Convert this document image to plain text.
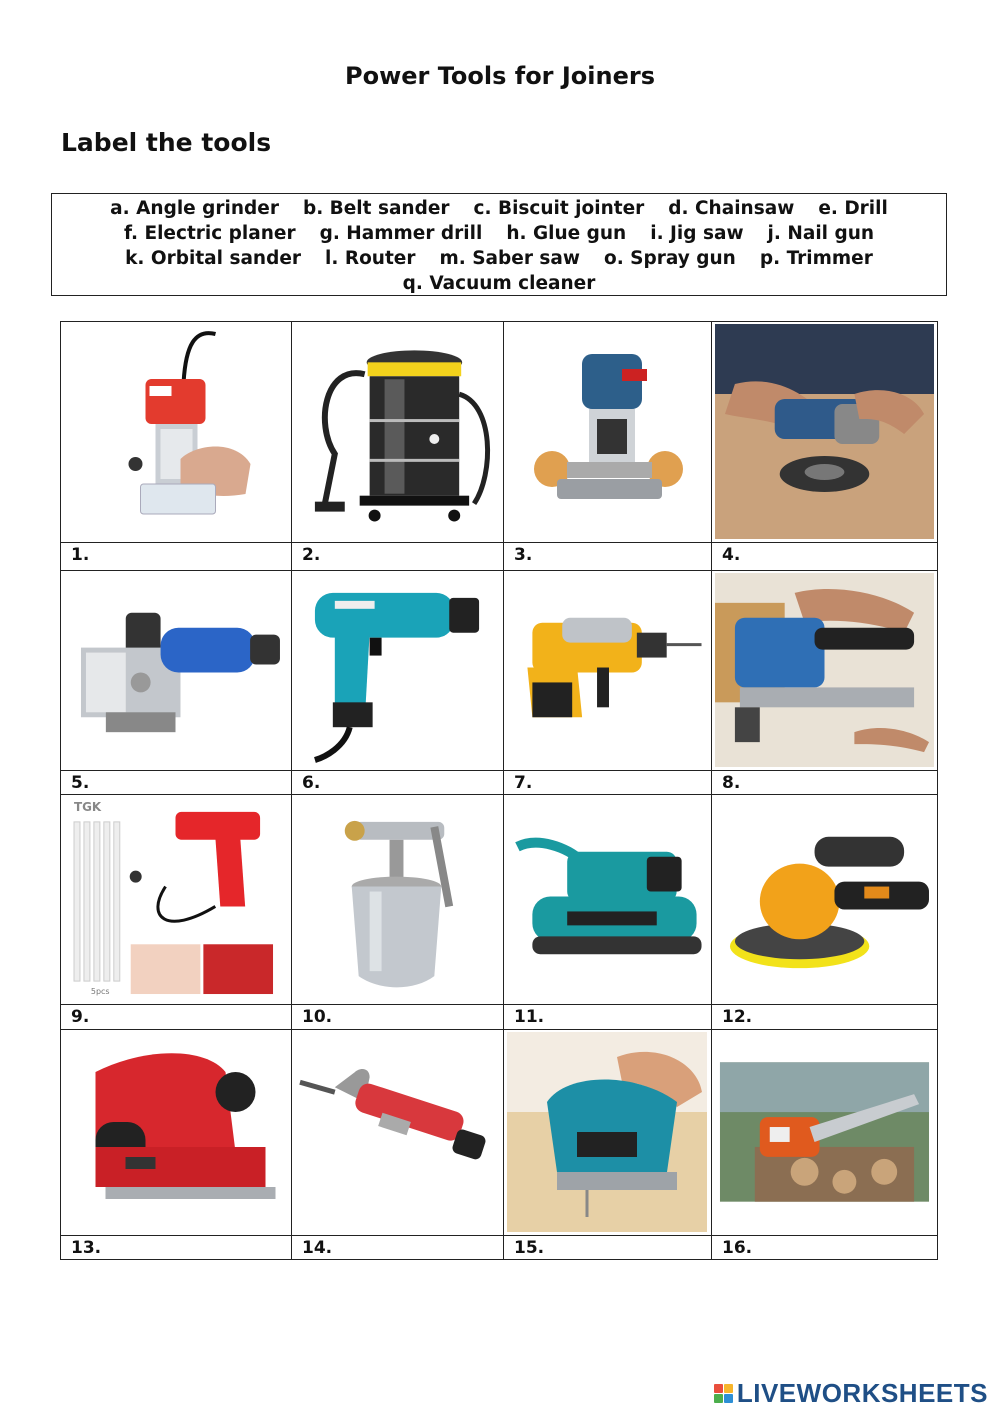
Power Tools for Joiners
Label the tools
a. Angle grinder b. Belt sander c. Biscuit jointer d. Chainsaw e. Drill
f. Electric planer g. Hammer drill h. Glue gun i. Jig saw j. Nail gun
k. Orbital sander l. Router m. Saber saw o. Spray gun p. Trimmer
q. Vacuum cleaner
TGK
5pcs
1.	2.	3.	4.
5.	6.	7.	8.
9.	10.	11.	12.
13.	14.	15.	16.
LIVEWORKSHEETS
